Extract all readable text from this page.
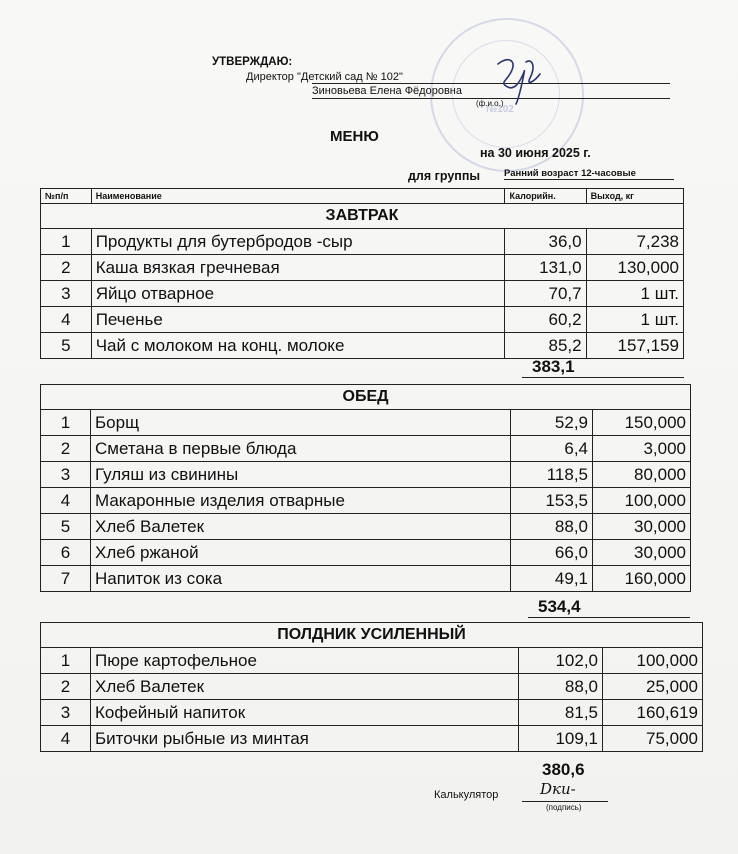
№102
УТВЕРЖДАЮ:
Директор "Детский сад № 102"
Зиновьева Елена Фёдоровна
(ф.и.о.)
МЕНЮ
на 30 июня 2025 г.
для группы	Ранний возраст 12-часовые
№п/п	Наименование	Калорийн.	Выход, кг
ЗАВТРАК			
1	Продукты для бутербродов -сыр	36,0	7,238
2	Каша вязкая гречневая	131,0	130,000
3	Яйцо отварное	70,7	1 шт.
4	Печенье	60,2	1 шт.
5	Чай с молоком на конц. молоке	85,2	157,159
383,1
ОБЕД			
1	Борщ	52,9	150,000
2	Сметана в первые блюда	6,4	3,000
3	Гуляш из свинины	118,5	80,000
4	Макаронные изделия отварные	153,5	100,000
5	Хлеб Валетек	88,0	30,000
6	Хлеб ржаной	66,0	30,000
7	Напиток из сока	49,1	160,000
534,4
ПОЛДНИК УСИЛЕННЫЙ			
1	Пюре картофельное	102,0	100,000
2	Хлеб Валетек	88,0	25,000
3	Кофейный напиток	81,5	160,619
4	Биточки рыбные из минтая	109,1	75,000
380,6
Калькулятор	Dки-
(подпись)
